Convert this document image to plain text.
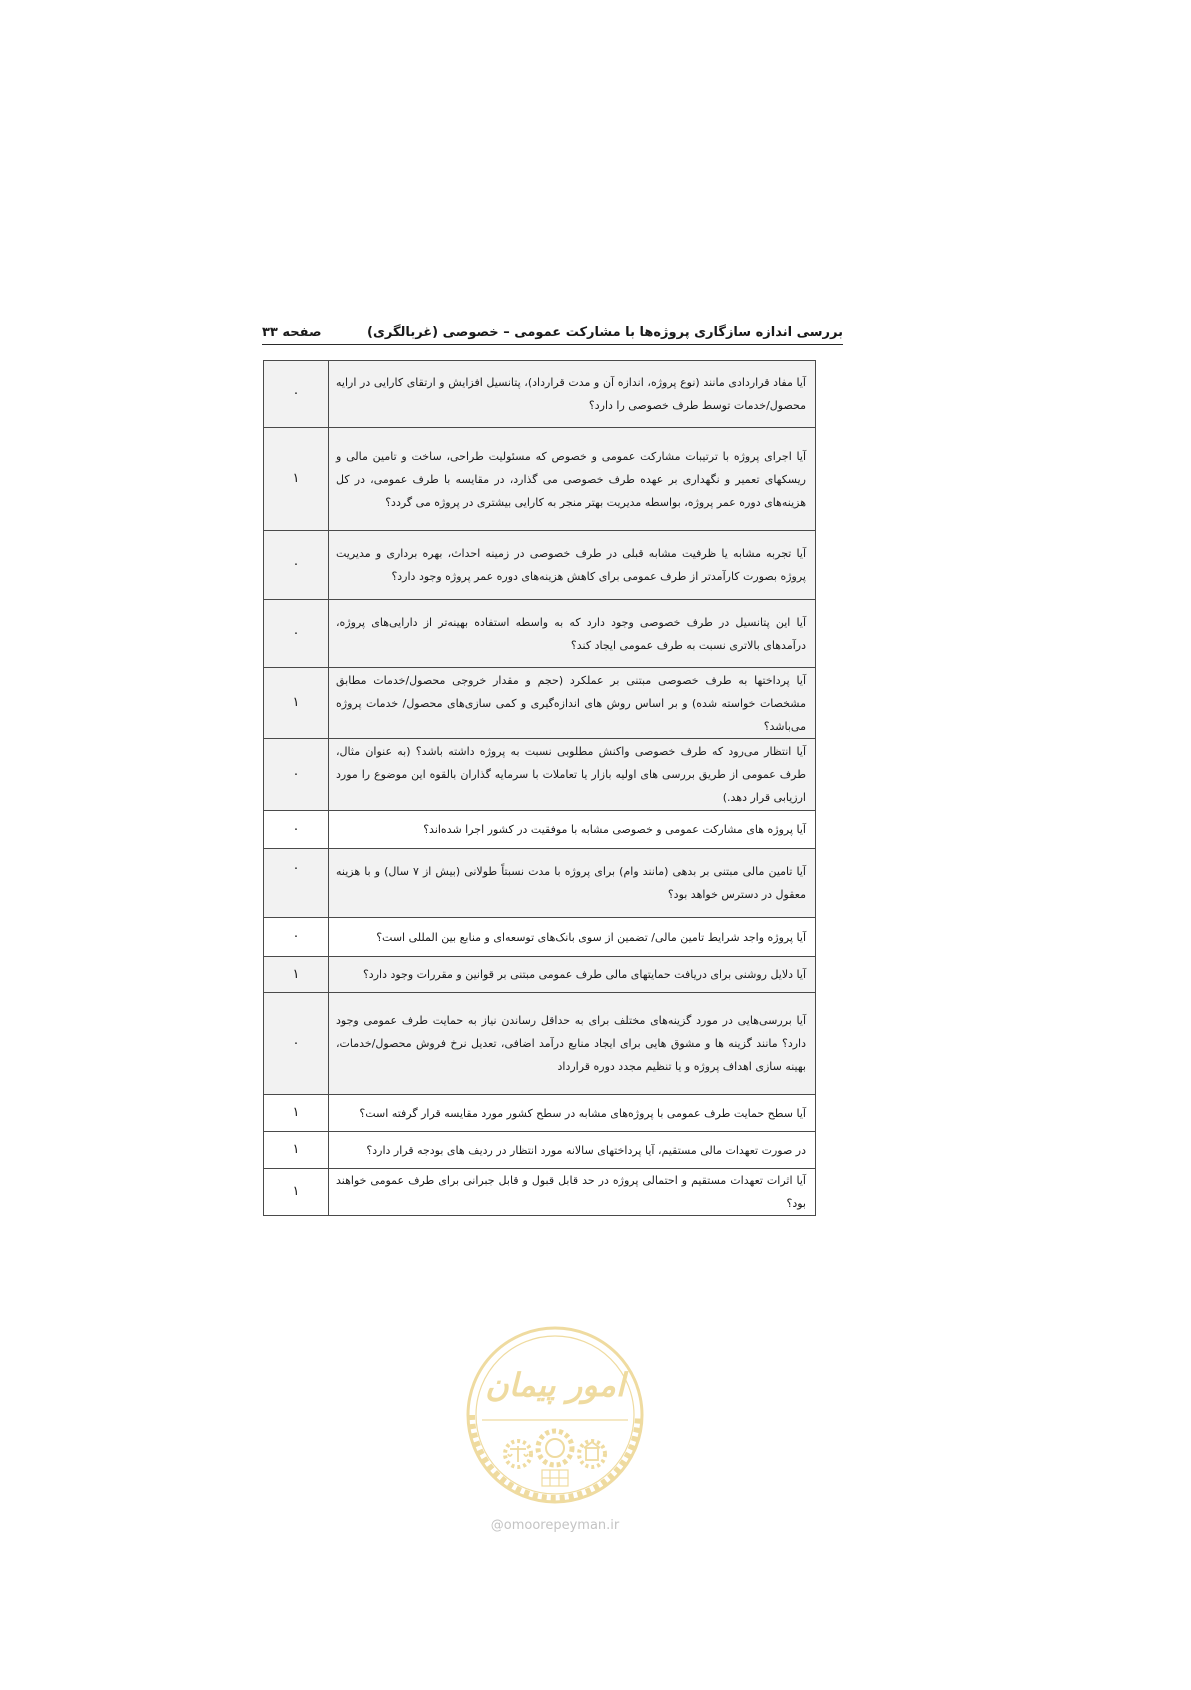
بررسی اندازه سازگاری پروژه‌ها با مشارکت عمومی – خصوصی (غربالگری)
صفحه ۳۳
۰	آیا مفاد قراردادی مانند (نوع پروژه، اندازه آن و مدت قرارداد)، پتانسیل افزایش و ارتقای کارایی در ارایه محصول/خدمات توسط طرف خصوصی را دارد؟
۱	آیا اجرای پروژه با ترتیبات مشارکت عمومی و خصوص که مسئولیت طراحی، ساخت و تامین مالی و ریسکهای تعمیر و نگهداری بر عهده طرف خصوصی می گذارد، در مقایسه با طرف عمومی، در کل هزینه‌های دوره عمر پروژه، بواسطه مدیریت بهتر منجر به کارایی بیشتری در پروژه می گردد؟
۰	آیا تجربه مشابه یا ظرفیت مشابه قبلی در طرف خصوصی در زمینه احداث، بهره برداری و مدیریت پروژه بصورت کارآمدتر از طرف عمومی برای کاهش هزینه‌های دوره عمر پروژه وجود دارد؟
۰	آیا این پتانسیل در طرف خصوصی وجود دارد که به واسطه استفاده بهینه‌تر از دارایی‌های پروژه، درآمدهای بالاتری نسبت به طرف عمومی ایجاد کند؟
۱	آیا پرداختها به طرف خصوصی مبتنی بر عملکرد (حجم و مقدار خروجی محصول/خدمات مطابق مشخصات خواسته شده) و بر اساس روش های اندازه‌گیری و کمی سازی‌های محصول/ خدمات پروژه می‌باشد؟
۰	آیا انتظار می‌رود که طرف خصوصی واکنش مطلوبی نسبت به پروژه داشته باشد؟ (به عنوان مثال، طرف عمومی از طریق بررسی های اولیه بازار یا تعاملات با سرمایه گذاران بالقوه این موضوع را مورد ارزیابی قرار دهد.)
۰	آیا پروژه های مشارکت عمومی و خصوصی مشابه با موفقیت در کشور اجرا شده‌اند؟
۰	آیا تامین مالی مبتنی بر بدهی (مانند وام) برای پروژه با مدت نسبتاً طولانی (بیش از ۷ سال) و با هزینه معقول در دسترس خواهد بود؟
۰	آیا پروژه واجد شرایط تامین مالی/ تضمین از سوی بانک‌های توسعه‌ای و منابع بین المللی است؟
۱	آیا دلایل روشنی برای دریافت حمایتهای مالی طرف عمومی مبتنی بر قوانین و مقررات وجود دارد؟
۰	آیا بررسی‌هایی در مورد گزینه‌های مختلف برای به حداقل رساندن نیاز به حمایت طرف عمومی وجود دارد؟ مانند گزینه ها و مشوق هایی برای ایجاد منابع درآمد اضافی، تعدیل نرخ فروش محصول/خدمات، بهینه سازی اهداف پروژه و یا تنظیم مجدد دوره قرارداد
۱	آیا سطح حمایت طرف عمومی با پروژه‌های مشابه در سطح کشور مورد مقایسه قرار گرفته است؟
۱	در صورت تعهدات مالی مستقیم، آیا پرداختهای سالانه مورد انتظار در ردیف های بودجه قرار دارد؟
۱	آیا اثرات تعهدات مستقیم و احتمالی پروژه در حد قابل قبول و قابل جبرانی برای طرف عمومی خواهند بود؟
امور پیمان
@omoorepeyman.ir
